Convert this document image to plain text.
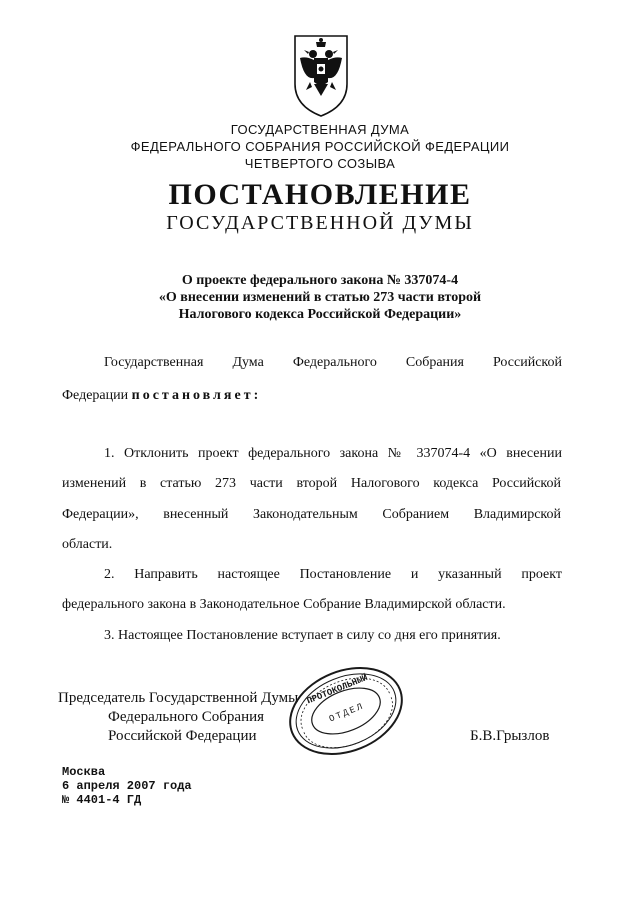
ГОСУДАРСТВЕННАЯ ДУМА
ФЕДЕРАЛЬНОГО СОБРАНИЯ РОССИЙСКОЙ ФЕДЕРАЦИИ
ЧЕТВЕРТОГО СОЗЫВА
ПОСТАНОВЛЕНИЕ
ГОСУДАРСТВЕННОЙ ДУМЫ
О проекте федерального закона № 337074-4
«О внесении изменений в статью 273 части второй
Налогового кодекса Российской Федерации»
Государственная Дума Федерального Собрания Российской
Федерации постановляет:
1. Отклонить проект федерального закона № 337074-4 «О внесении
изменений в статью 273 части второй Налогового кодекса Российской
Федерации», внесенный Законодательным Собранием Владимирской
области.
2. Направить настоящее Постановление и указанный проект
федерального закона в Законодательное Собрание Владимирской области.
3. Настоящее Постановление вступает в силу со дня его принятия.
Председатель Государственной Думы
Федерального Собрания
Российской Федерации
ПРОТОКОЛЬНЫЙ
ОТДЕЛ
Б.В.Грызлов
Москва
6 апреля 2007 года
№ 4401-4 ГД
